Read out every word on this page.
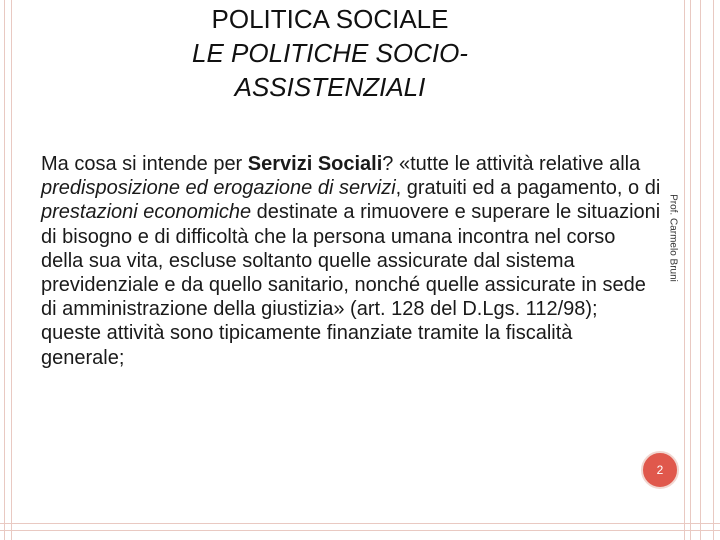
POLITICA SOCIALE
LE POLITICHE SOCIO-ASSISTENZIALI
Ma cosa si intende per Servizi Sociali? «tutte le attività relative alla predisposizione ed erogazione di servizi, gratuiti ed a pagamento, o di prestazioni economiche destinate a rimuovere e superare le situazioni di bisogno e di difficoltà che la persona umana incontra nel corso della sua vita, escluse soltanto quelle assicurate dal sistema previdenziale e da quello sanitario, nonché quelle assicurate in sede di amministrazione della giustizia» (art. 128 del D.Lgs. 112/98); queste attività sono tipicamente finanziate tramite la fiscalità generale;
Prof. Carmelo Bruni
2
